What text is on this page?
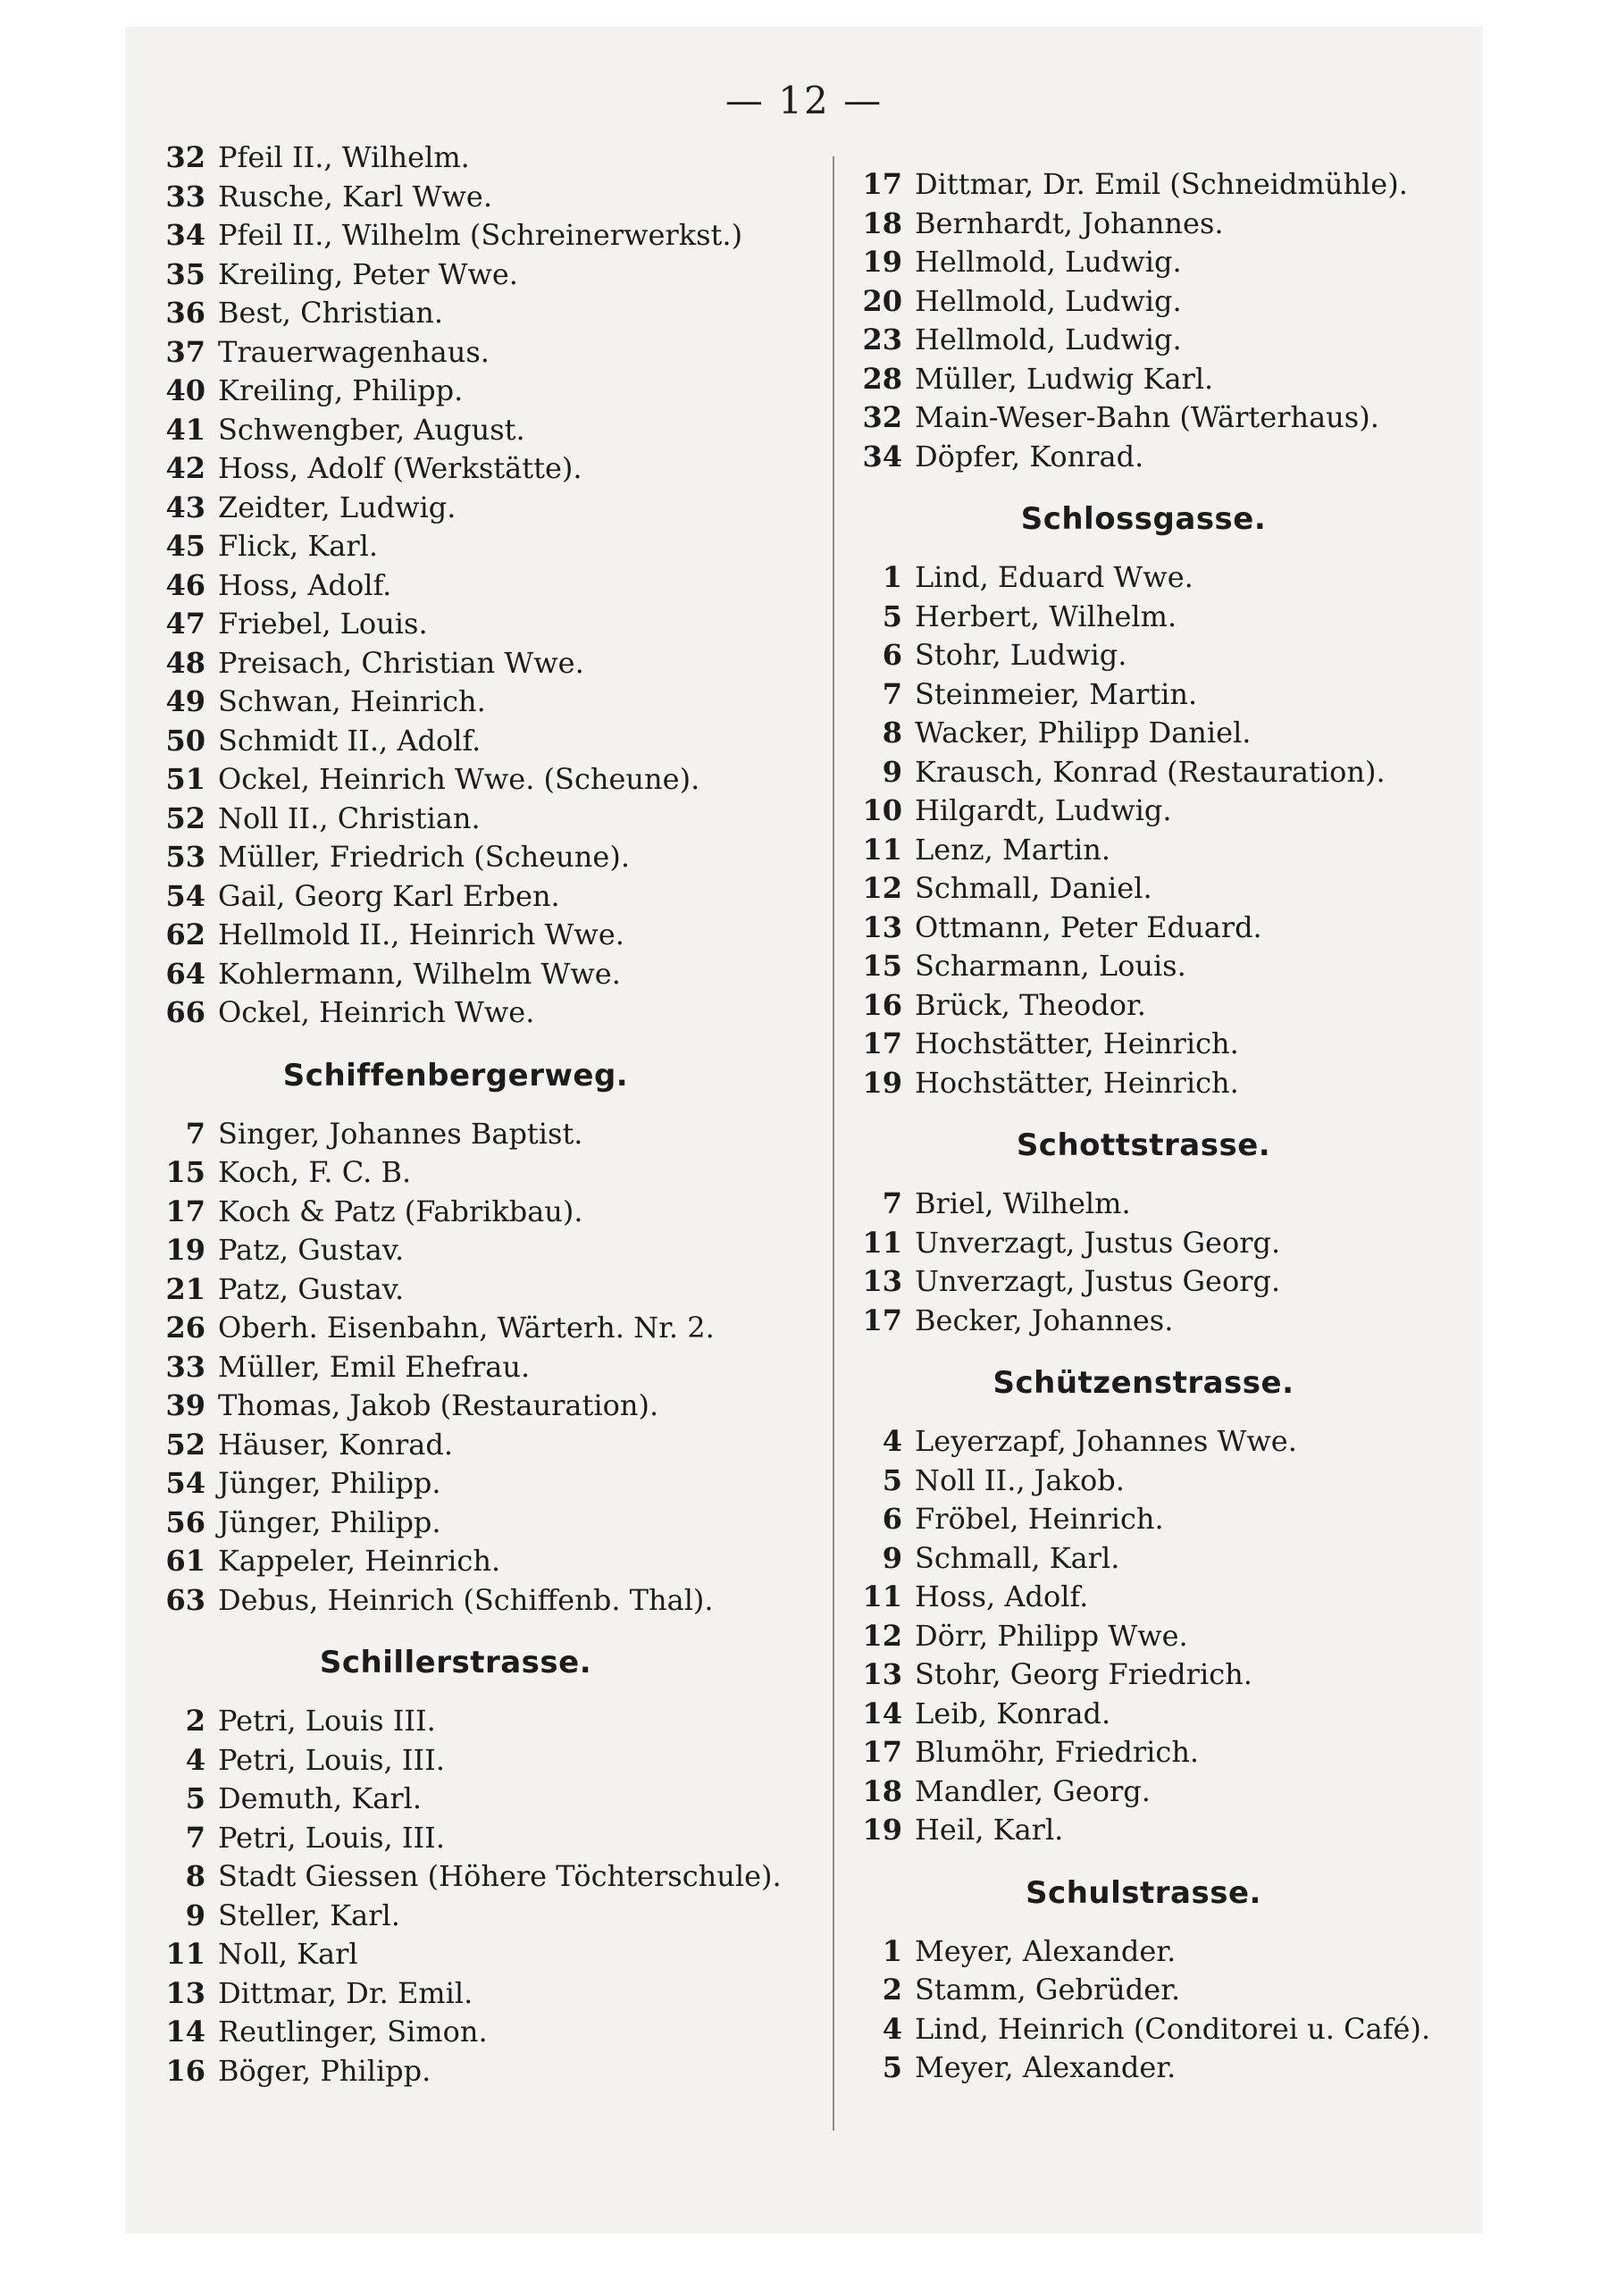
— 12 —
32 Pfeil II., Wilhelm.
33 Rusche, Karl Wwe.
34 Pfeil II., Wilhelm (Schreinerwerkst.)
35 Kreiling, Peter Wwe.
36 Best, Christian.
37 Trauerwagenhaus.
40 Kreiling, Philipp.
41 Schwengber, August.
42 Hoss, Adolf (Werkstätte).
43 Zeidter, Ludwig.
45 Flick, Karl.
46 Hoss, Adolf.
47 Friebel, Louis.
48 Preisach, Christian Wwe.
49 Schwan, Heinrich.
50 Schmidt II., Adolf.
51 Ockel, Heinrich Wwe. (Scheune).
52 Noll II., Christian.
53 Müller, Friedrich (Scheune).
54 Gail, Georg Karl Erben.
62 Hellmold II., Heinrich Wwe.
64 Kohlermann, Wilhelm Wwe.
66 Ockel, Heinrich Wwe.
Schiffenbergerweg.
7 Singer, Johannes Baptist.
15 Koch, F. C. B.
17 Koch & Patz (Fabrikbau).
19 Patz, Gustav.
21 Patz, Gustav.
26 Oberh. Eisenbahn, Wärterh. Nr. 2.
33 Müller, Emil Ehefrau.
39 Thomas, Jakob (Restauration).
52 Häuser, Konrad.
54 Jünger, Philipp.
56 Jünger, Philipp.
61 Kappeler, Heinrich.
63 Debus, Heinrich (Schiffenb. Thal).
Schillerstrasse.
2 Petri, Louis III.
4 Petri, Louis, III.
5 Demuth, Karl.
7 Petri, Louis, III.
8 Stadt Giessen (Höhere Töchterschule).
9 Steller, Karl.
11 Noll, Karl
13 Dittmar, Dr. Emil.
14 Reutlinger, Simon.
16 Böger, Philipp.
17 Dittmar, Dr. Emil (Schneidmühle).
18 Bernhardt, Johannes.
19 Hellmold, Ludwig.
20 Hellmold, Ludwig.
23 Hellmold, Ludwig.
28 Müller, Ludwig Karl.
32 Main-Weser-Bahn (Wärterhaus).
34 Döpfer, Konrad.
Schlossgasse.
1 Lind, Eduard Wwe.
5 Herbert, Wilhelm.
6 Stohr, Ludwig.
7 Steinmeier, Martin.
8 Wacker, Philipp Daniel.
9 Krausch, Konrad (Restauration).
10 Hilgardt, Ludwig.
11 Lenz, Martin.
12 Schmall, Daniel.
13 Ottmann, Peter Eduard.
15 Scharmann, Louis.
16 Brück, Theodor.
17 Hochstätter, Heinrich.
19 Hochstätter, Heinrich.
Schottstrasse.
7 Briel, Wilhelm.
11 Unverzagt, Justus Georg.
13 Unverzagt, Justus Georg.
17 Becker, Johannes.
Schützenstrasse.
4 Leyerzapf, Johannes Wwe.
5 Noll II., Jakob.
6 Fröbel, Heinrich.
9 Schmall, Karl.
11 Hoss, Adolf.
12 Dörr, Philipp Wwe.
13 Stohr, Georg Friedrich.
14 Leib, Konrad.
17 Blumöhr, Friedrich.
18 Mandler, Georg.
19 Heil, Karl.
Schulstrasse.
1 Meyer, Alexander.
2 Stamm, Gebrüder.
4 Lind, Heinrich (Conditorei u. Café).
5 Meyer, Alexander.
